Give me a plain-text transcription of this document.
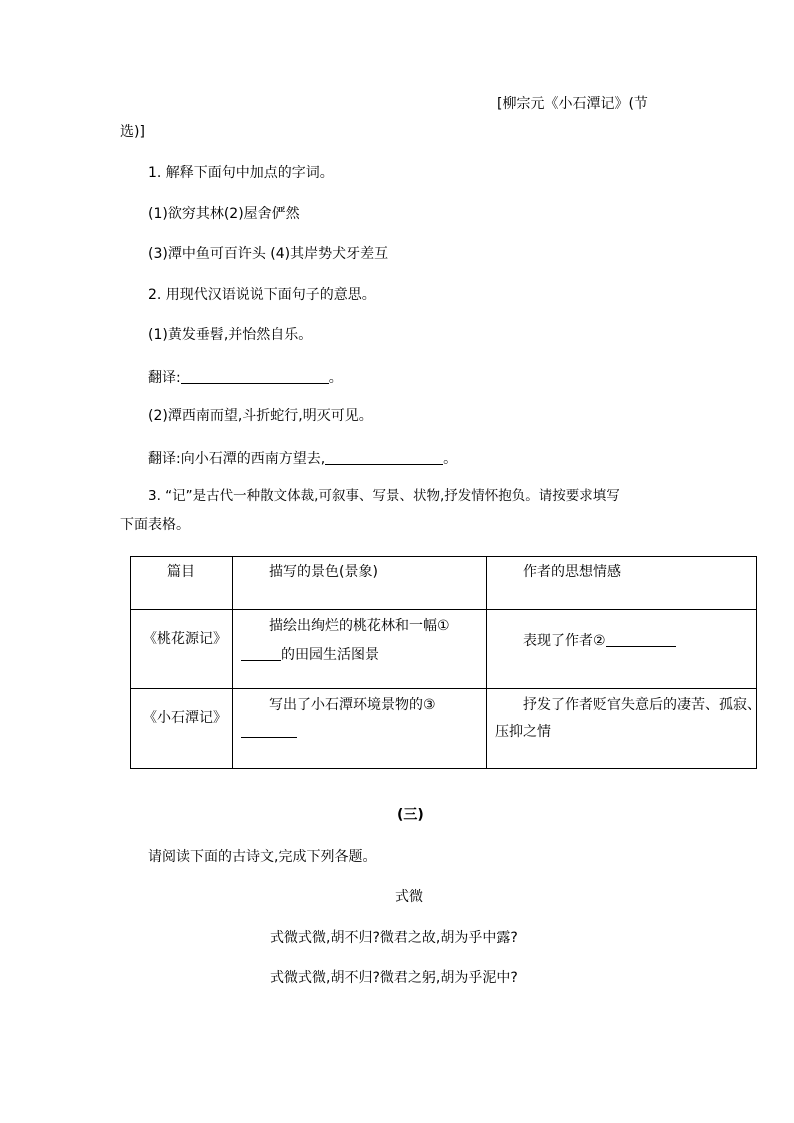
[柳宗元《小石潭记》(节
选)]
1. 解释下面句中加点的字词。
(1)欲穷其林(2)屋舍俨然
(3)潭中鱼可百许头 (4)其岸势犬牙差互
2. 用现代汉语说说下面句子的意思。
(1)黄发垂髫,并怡然自乐。
翻译:	。
(2)潭西南而望,斗折蛇行,明灭可见。
翻译:向小石潭的西南方望去,	。
3. “记”是古代一种散文体裁,可叙事、写景、状物,抒发情怀抱负。请按要求填写
下面表格。
篇目	描写的景色(景象)	作者的思想情感

《桃花源记》	描绘出绚烂的桃花林和一幅①
的田园生活图景	表现了作者②

《小石潭记》	写出了小石潭环境景物的③	抒发了作者贬官失意后的凄苦、孤寂、
压抑之情
(三)
请阅读下面的古诗文,完成下列各题。
式微
式微式微,胡不归?微君之故,胡为乎中露?
式微式微,胡不归?微君之躬,胡为乎泥中?
